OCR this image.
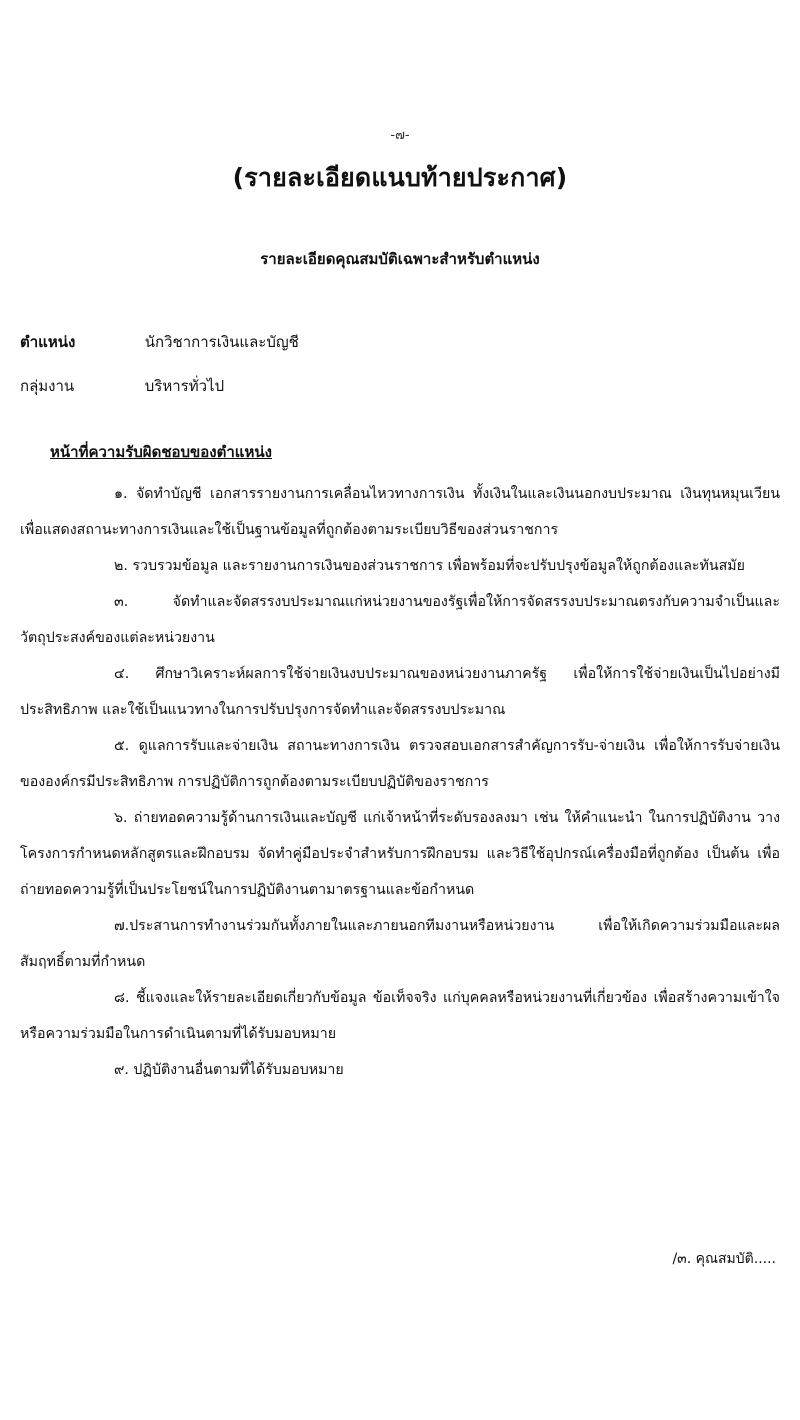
-๗-
(รายละเอียดแนบท้ายประกาศ)
รายละเอียดคุณสมบัติเฉพาะสำหรับตำแหน่ง
ตำแหน่ง	นักวิชาการเงินและบัญชี
กลุ่มงาน	บริหารทั่วไป
หน้าที่ความรับผิดชอบของตำแหน่ง

๑. จัดทำบัญชี เอกสารรายงานการเคลื่อนไหวทางการเงิน ทั้งเงินในและเงินนอกงบประมาณ เงินทุนหมุนเวียน เพื่อแสดงสถานะทางการเงินและใช้เป็นฐานข้อมูลที่ถูกต้องตามระเบียบวิธีของส่วนราชการ

๒. รวบรวมข้อมูล และรายงานการเงินของส่วนราชการ เพื่อพร้อมที่จะปรับปรุงข้อมูลให้ถูกต้องและทันสมัย

๓. จัดทำและจัดสรรงบประมาณแก่หน่วยงานของรัฐเพื่อให้การจัดสรรงบประมาณตรงกับความจำเป็นและวัตถุประสงค์ของแต่ละหน่วยงาน

๔. ศึกษาวิเคราะห์ผลการใช้จ่ายเงินงบประมาณของหน่วยงานภาครัฐ เพื่อให้การใช้จ่ายเงินเป็นไปอย่างมีประสิทธิภาพ และใช้เป็นแนวทางในการปรับปรุงการจัดทำและจัดสรรงบประมาณ

๕. ดูแลการรับและจ่ายเงิน สถานะทางการเงิน ตรวจสอบเอกสารสำคัญการรับ-จ่ายเงิน เพื่อให้การรับจ่ายเงินขององค์กรมีประสิทธิภาพ การปฏิบัติการถูกต้องตามระเบียบปฏิบัติของราชการ

๖. ถ่ายทอดความรู้ด้านการเงินและบัญชี แก่เจ้าหน้าที่ระดับรองลงมา เช่น ให้คำแนะนำ ในการปฏิบัติงาน วางโครงการกำหนดหลักสูตรและฝึกอบรม จัดทำคู่มือประจำสำหรับการฝึกอบรม และวิธีใช้อุปกรณ์เครื่องมือที่ถูกต้อง เป็นต้น เพื่อถ่ายทอดความรู้ที่เป็นประโยชน์ในการปฏิบัติงานตามาตรฐานและข้อกำหนด

๗.ประสานการทำงานร่วมกันทั้งภายในและภายนอกทีมงานหรือหน่วยงาน เพื่อให้เกิดความร่วมมือและผลสัมฤทธิ์ตามที่กำหนด

๘. ชี้แจงและให้รายละเอียดเกี่ยวกับข้อมูล ข้อเท็จจริง แก่บุคคลหรือหน่วยงานที่เกี่ยวข้อง เพื่อสร้างความเข้าใจหรือความร่วมมือในการดำเนินตามที่ได้รับมอบหมาย

๙. ปฏิบัติงานอื่นตามที่ได้รับมอบหมาย

/๓. คุณสมบัติ.....
